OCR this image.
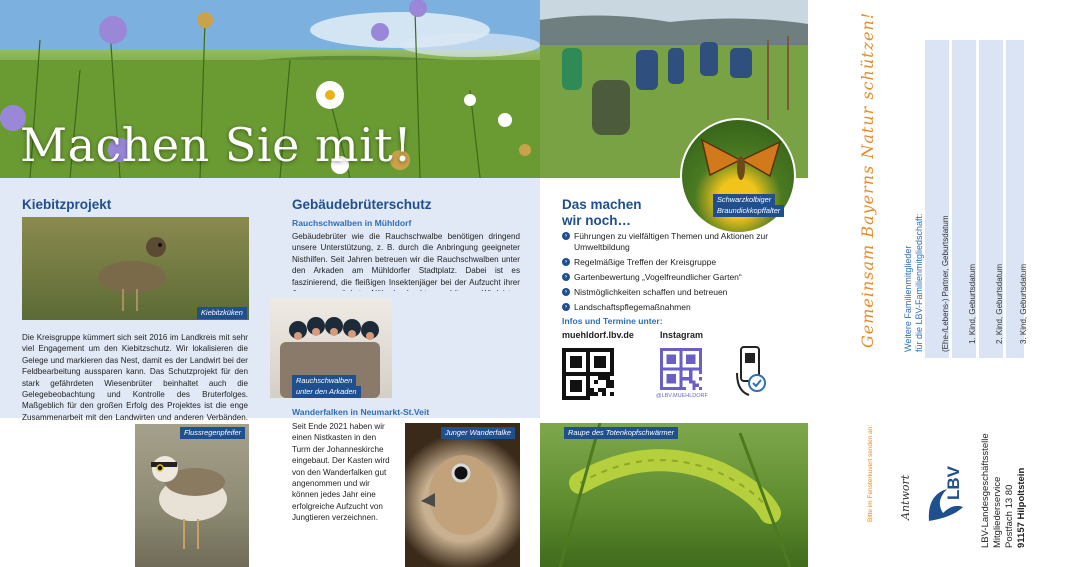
Machen Sie mit!
Schwarzkolbiger
Braundickkopffalter
Kiebitzprojekt
Kiebitzküken

Die Kreisgruppe kümmert sich seit 2016 im Landkreis mit sehr viel Engagement um den Kiebitzschutz. Wir lokalisieren die Gelege und markieren das Nest, damit es der Landwirt bei der Feldbearbeitung aussparen kann. Das Schutzprojekt für den stark gefährdeten Wiesenbrüter beinhaltet auch die Gelegebeobachtung und Kontrolle des Bruterfolges. Maßgeblich für den großen Erfolg des Projektes ist die enge Zusammenarbeit mit den Landwirten und anderen Verbänden.

Flussregenpfeifer
Gebäudebrüterschutz
Rauchschwalben in Mühldorf

Gebäudebrüter wie die Rauchschwalbe benötigen dringend unsere Unterstützung, z. B. durch die Anbringung geeigneter Nisthilfen. Seit Jahren betreuen wir die Rauchschwalben unter den Arkaden am Mühldorfer Stadtplatz. Dabei ist es faszinierend, die fleißigen Insektenjäger bei der Aufzucht ihrer

Rauchschwalben
unter den Arkaden

Wanderfalken in Neumarkt-St.Veit

Seit Ende 2021 haben wir einen Nistkasten in den Turm der Johanneskirche eingebaut. Der Kasten wird von den Wanderfalken gut angenommen und wir können jedes Jahr eine erfolgreiche Aufzucht von Jungtieren verzeichnen.

Junger Wanderfalke
Das machen
wir noch…
› Führungen zu vielfältigen Themen und Aktionen zur Umweltbildung
› Regelmäßige Treffen der Kreisgruppe
› Gartenbewertung „Vogelfreundlicher Garten“
› Nistmöglichkeiten schaffen und betreuen
› Landschaftspflegemaßnahmen
Infos und Termine unter:
muehldorf.lbv.de	Instagram
@LBV.MUEHLDORF
Raupe des Totenkopfschwärmer
Gemeinsam Bayerns Natur schützen!	Weitere Familienmitglieder für die LBV-Familienmitgliedschaft: (Ehe-/Lebens-) Partner, Geburtsdatum 1. Kind, Geburtsdatum 2. Kind, Geburtsdatum 3. Kind, Geburtsdatum
Bitte im Fensterkuvert senden an: Antwort LBV LBV-Landesgeschäftsstelle Mitgliederservice Postfach 13 80 91157 Hilpoltstein
